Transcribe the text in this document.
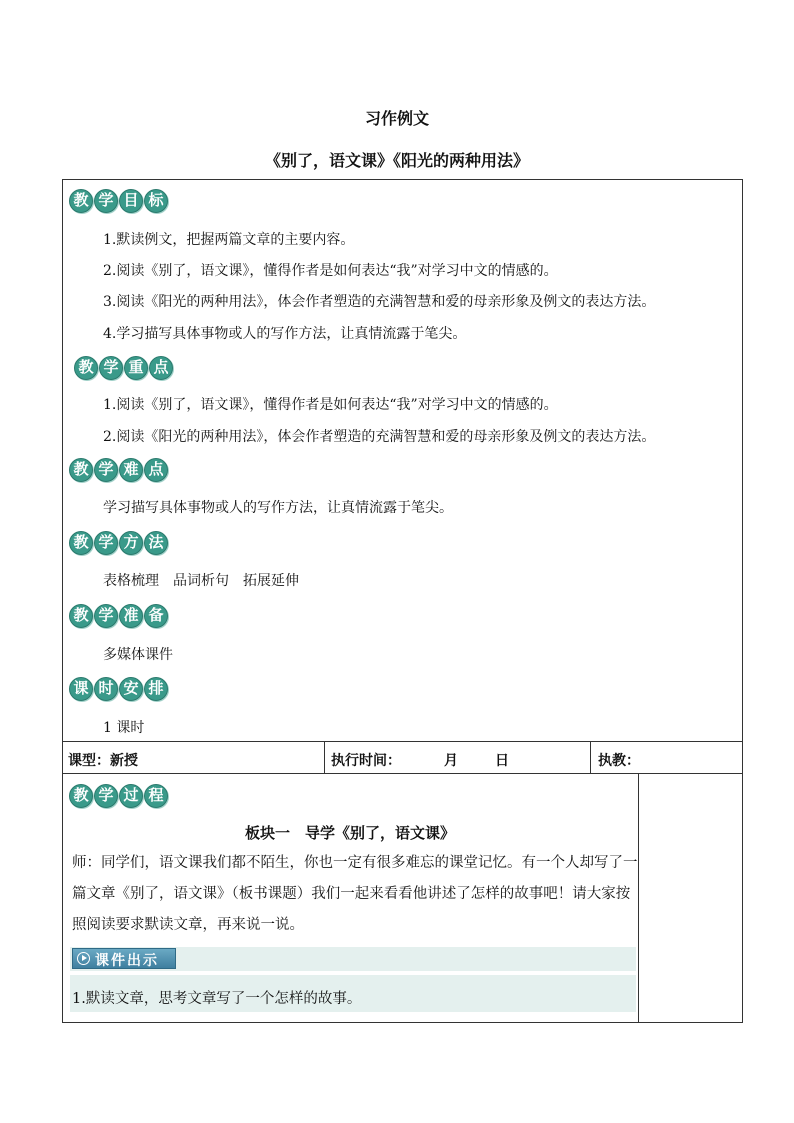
习作例文
《别了，语文课》《阳光的两种用法》
教 学 目 标
1.默读例文，把握两篇文章的主要内容。
2.阅读《别了，语文课》，懂得作者是如何表达“我”对学习中文的情感的。
3.阅读《阳光的两种用法》，体会作者塑造的充满智慧和爱的母亲形象及例文的表达方法。
4.学习描写具体事物或人的写作方法，让真情流露于笔尖。
教 学 重 点
1.阅读《别了，语文课》，懂得作者是如何表达“我”对学习中文的情感的。
2.阅读《阳光的两种用法》，体会作者塑造的充满智慧和爱的母亲形象及例文的表达方法。
教 学 难 点
学习描写具体事物或人的写作方法，让真情流露于笔尖。
教 学 方 法
表格梳理　品词析句　拓展延伸
教 学 准 备
多媒体课件
课 时 安 排
1 课时
课型：新授	执行时间：	月	日	执教：
教 学 过 程
板块一　导学《别了，语文课》
师：同学们，语文课我们都不陌生，你也一定有很多难忘的课堂记忆。有一个人却写了一篇文章《别了，语文课》（板书课题）我们一起来看看他讲述了怎样的故事吧！请大家按照阅读要求默读文章，再来说一说。
课件出示
1.默读文章，思考文章写了一个怎样的故事。
